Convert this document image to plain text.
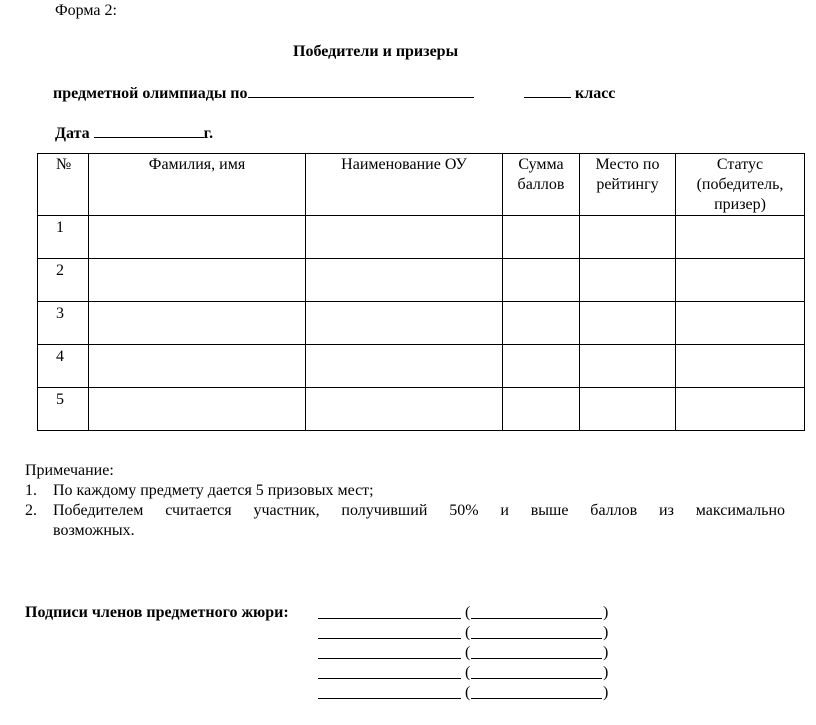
Форма 2:
Победители и призеры
предметной олимпиады по	класс
Дата	г.
№	Фамилия, имя	Наименование ОУ	Сумма баллов	Место по рейтингу	Статус (победитель, призер)
1					
2					
3					
4					
5					
Примечание:
1. По каждому предмету дается 5 призовых мест;
2. Победителем считается участник, получивший 50% и выше баллов из максимально
возможных.
Подписи членов предметного жюри:	(	)
(	)
(	)
(	)
(	)
